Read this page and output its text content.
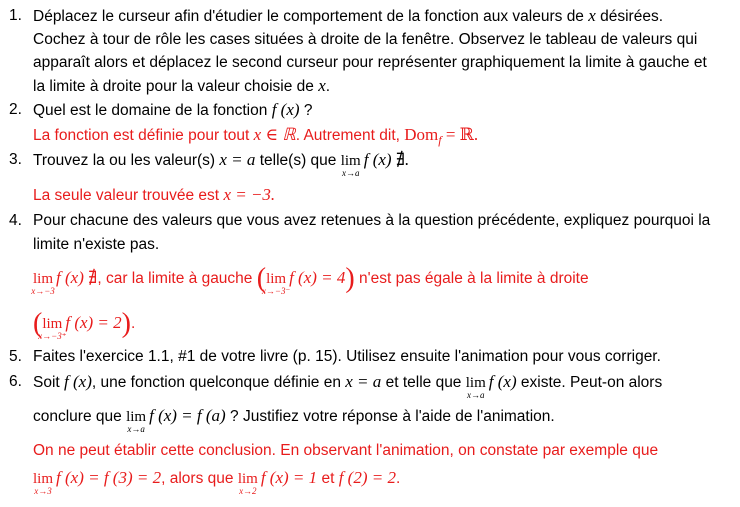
1. Déplacez le curseur afin d'étudier le comportement de la fonction aux valeurs de x désirées.
Cochez à tour de rôle les cases situées à droite de la fenêtre. Observez le tableau de valeurs qui
apparaît alors et déplacez le second curseur pour représenter graphiquement la limite à gauche et
la limite à droite pour la valeur choisie de x.
2. Quel est le domaine de la fonction f (x) ?
La fonction est définie pour tout x ∈ ℝ. Autrement dit, Dom$_f$ = ℝ.
3. Trouvez la ou les valeur(s) x = a telle(s) que lim
x→a
f (x) ∄.
La seule valeur trouvée est x = −3.
4. Pour chacune des valeurs que vous avez retenues à la question précédente, expliquez pourquoi la
limite n'existe pas.
lim
x→−3
f (x) ∄, car la limite à gauche ( lim
x→−3⁻
f (x) = 4) n'est pas égale à la limite à droite
( lim
x→−3⁺
f (x) = 2).
5. Faites l'exercice 1.1, #1 de votre livre (p. 15). Utilisez ensuite l'animation pour vous corriger.
6. Soit f (x), une fonction quelconque définie en x = a et telle que lim
x→a
f (x) existe. Peut-on alors
conclure que lim
x→a
f (x) = f (a) ? Justifiez votre réponse à l'aide de l'animation.
On ne peut établir cette conclusion. En observant l'animation, on constate par exemple que
lim
x→3
f (x) = f (3) = 2, alors que lim
x→2
f (x) = 1 et f (2) = 2.
